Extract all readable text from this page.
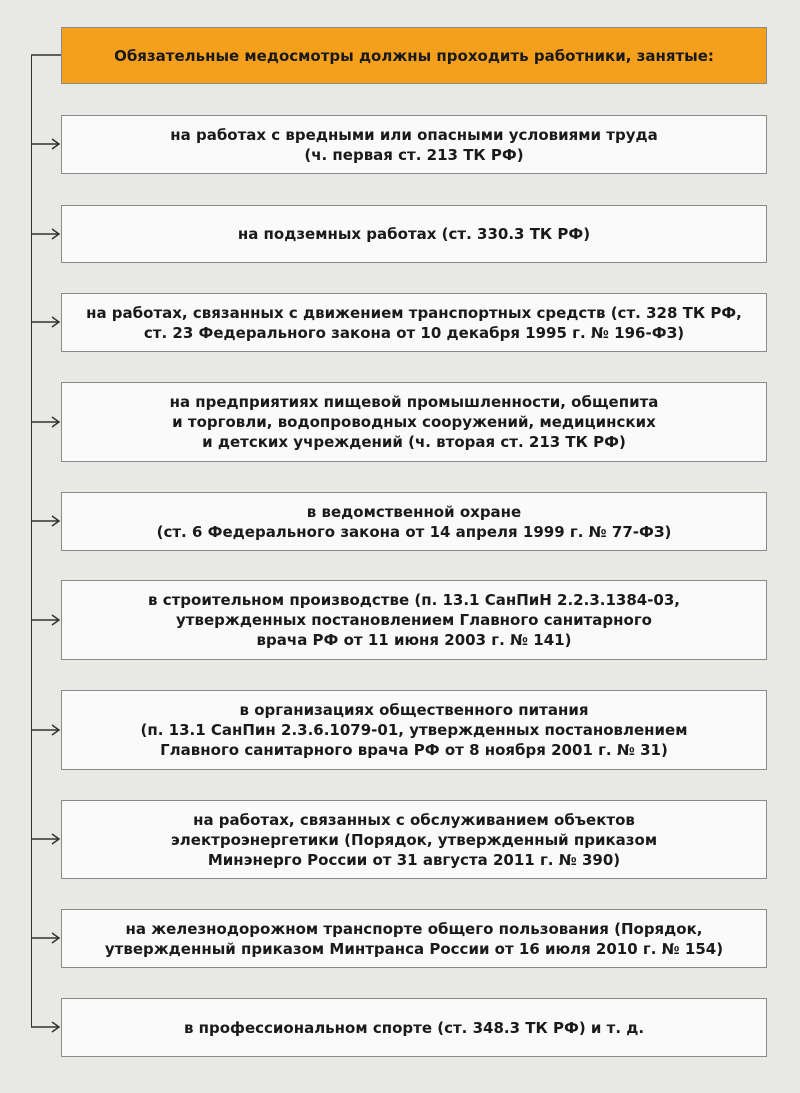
Обязательные медосмотры должны проходить работники, занятые:
на работах с вредными или опасными условиями труда
(ч. первая ст. 213 ТК РФ)
на подземных работах (ст. 330.3 ТК РФ)
на работах, связанных с движением транспортных средств (ст. 328 ТК РФ,
ст. 23 Федерального закона от 10 декабря 1995 г. № 196-ФЗ)
на предприятиях пищевой промышленности, общепита
и торговли, водопроводных сооружений, медицинских
и детских учреждений (ч. вторая ст. 213 ТК РФ)
в ведомственной охране
(ст. 6 Федерального закона от 14 апреля 1999 г. № 77-ФЗ)
в строительном производстве (п. 13.1 СанПиН 2.2.3.1384-03,
утвержденных постановлением Главного санитарного
врача РФ от 11 июня 2003 г. № 141)
в организациях общественного питания
(п. 13.1 СанПин 2.3.6.1079-01, утвержденных постановлением
Главного санитарного врача РФ от 8 ноября 2001 г. № 31)
на работах, связанных с обслуживанием объектов
электроэнергетики (Порядок, утвержденный приказом
Минэнерго России от 31 августа 2011 г. № 390)
на железнодорожном транспорте общего пользования (Порядок,
утвержденный приказом Минтранса России от 16 июля 2010 г. № 154)
в профессиональном спорте (ст. 348.3 ТК РФ) и т. д.
